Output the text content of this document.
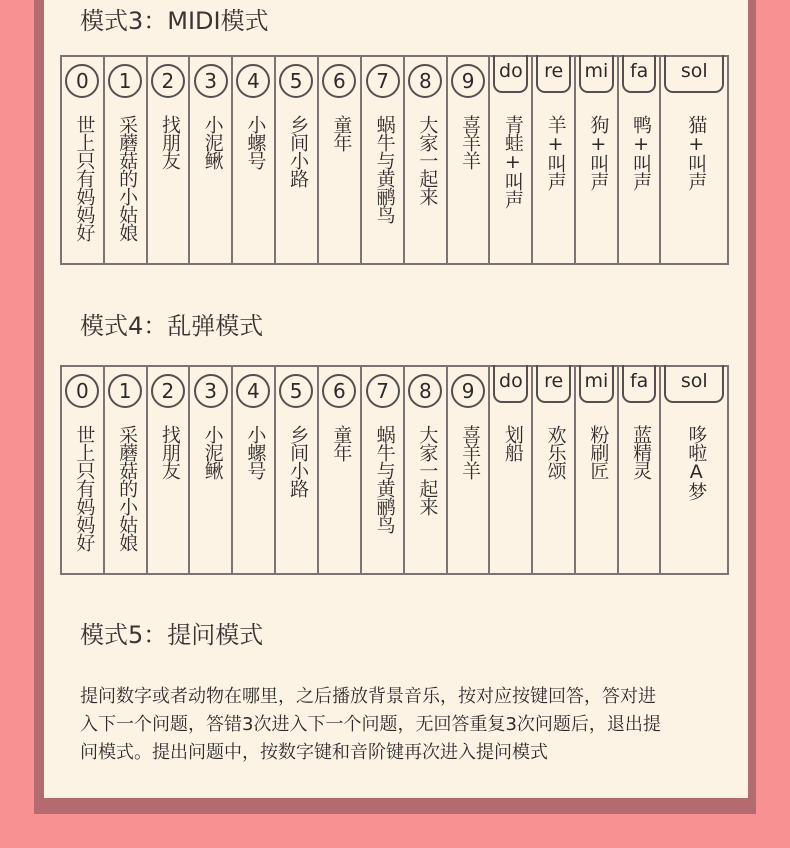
模式3：MIDI模式
0
世上只有妈妈好
1
采蘑菇的小姑娘
2
找朋友
3
小泥鳅
4
小螺号
5
乡间小路
6
童年
7
蜗牛与黄鹂鸟
8
大家一起来
9
喜羊羊
do
青蛙+叫声
re
羊+叫声
mi
狗+叫声
fa
鸭+叫声
sol
猫+叫声
模式4：乱弹模式
0
世上只有妈妈好
1
采蘑菇的小姑娘
2
找朋友
3
小泥鳅
4
小螺号
5
乡间小路
6
童年
7
蜗牛与黄鹂鸟
8
大家一起来
9
喜羊羊
do
划船
re
欢乐颂
mi
粉刷匠
fa
蓝精灵
sol
哆啦A梦
模式5：提问模式
提问数字或者动物在哪里，之后播放背景音乐，按对应按键回答，答对进
入下一个问题，答错3次进入下一个问题，无回答重复3次问题后，退出提
问模式。提出问题中，按数字键和音阶键再次进入提问模式
